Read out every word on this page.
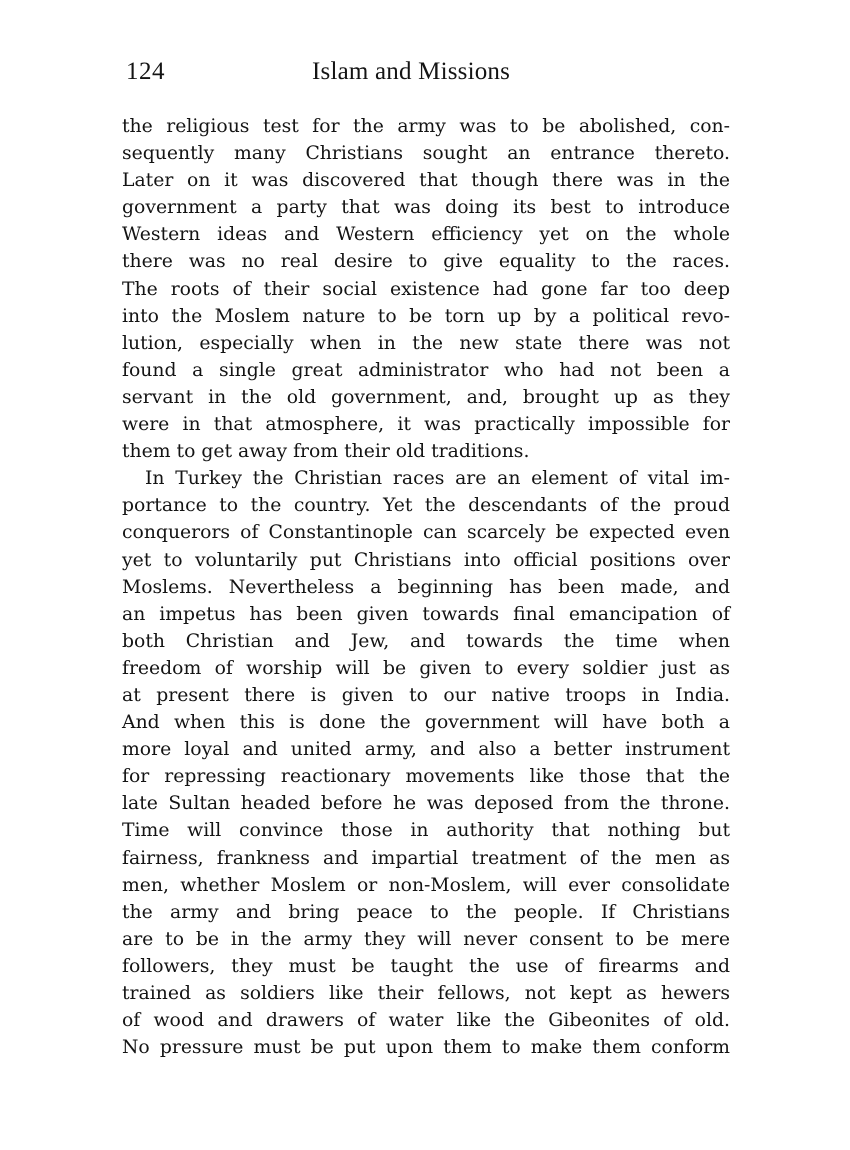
124	Islam and Missions
the religious test for the army was to be abolished, con-
sequently many Christians sought an entrance thereto.
Later on it was discovered that though there was in the
government a party that was doing its best to introduce
Western ideas and Western efficiency yet on the whole
there was no real desire to give equality to the races.
The roots of their social existence had gone far too deep
into the Moslem nature to be torn up by a political revo-
lution, especially when in the new state there was not
found a single great administrator who had not been a
servant in the old government, and, brought up as they
were in that atmosphere, it was practically impossible for
them to get away from their old traditions.
In Turkey the Christian races are an element of vital im-
portance to the country. Yet the descendants of the proud
conquerors of Constantinople can scarcely be expected even
yet to voluntarily put Christians into official positions over
Moslems. Nevertheless a beginning has been made, and
an impetus has been given towards final emancipation of
both Christian and Jew, and towards the time when
freedom of worship will be given to every soldier just as
at present there is given to our native troops in India.
And when this is done the government will have both a
more loyal and united army, and also a better instrument
for repressing reactionary movements like those that the
late Sultan headed before he was deposed from the throne.
Time will convince those in authority that nothing but
fairness, frankness and impartial treatment of the men as
men, whether Moslem or non-Moslem, will ever consolidate
the army and bring peace to the people. If Christians
are to be in the army they will never consent to be mere
followers, they must be taught the use of firearms and
trained as soldiers like their fellows, not kept as hewers
of wood and drawers of water like the Gibeonites of old.
No pressure must be put upon them to make them conform
